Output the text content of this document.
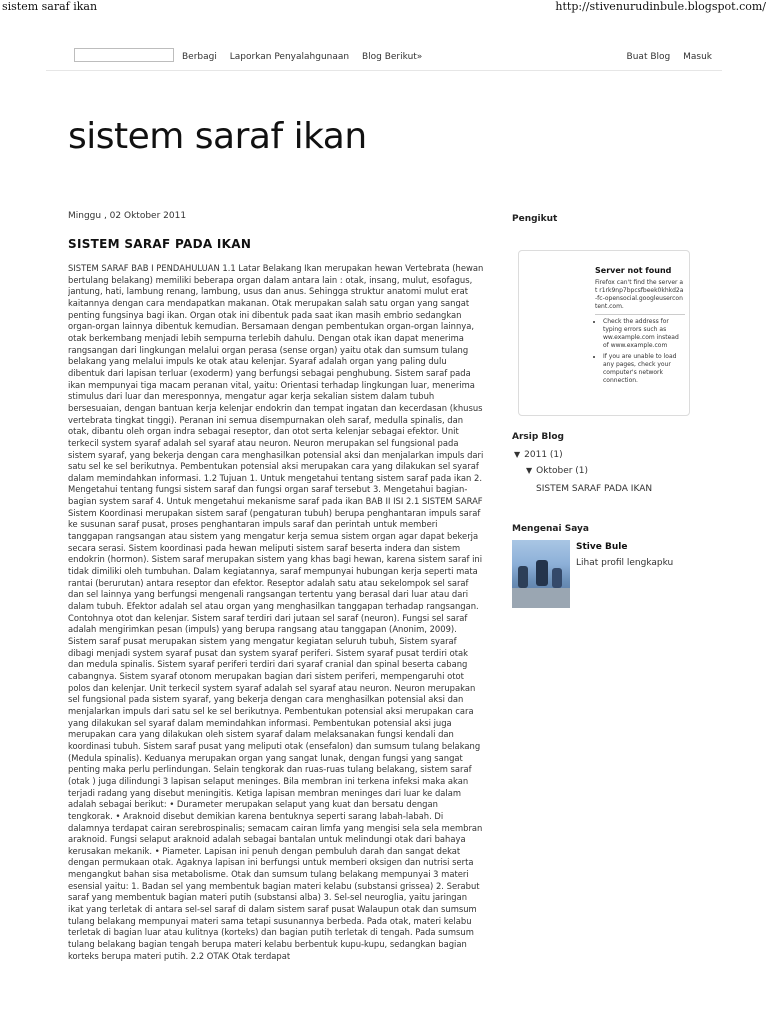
sistem saraf ikan	http://stivenurudinbule.blogspot.com/
Berbagi Laporkan Penyalahgunaan Blog Berikut»	Buat Blog Masuk
sistem saraf ikan
Minggu , 02 Oktober 2011
SISTEM SARAF PADA IKAN
SISTEM SARAF BAB I PENDAHULUAN 1.1 Latar Belakang Ikan merupakan hewan Vertebrata (hewan bertulang belakang) memiliki beberapa organ dalam antara lain : otak, insang, mulut, esofagus, jantung, hati, lambung renang, lambung, usus dan anus. Sehingga struktur anatomi mulut erat kaitannya dengan cara mendapatkan makanan. Otak merupakan salah satu organ yang sangat penting fungsinya bagi ikan. Organ otak ini dibentuk pada saat ikan masih embrio sedangkan organ-organ lainnya dibentuk kemudian. Bersamaan dengan pembentukan organ-organ lainnya, otak berkembang menjadi lebih sempurna terlebih dahulu. Dengan otak ikan dapat menerima rangsangan dari lingkungan melalui organ perasa (sense organ) yaitu otak dan sumsum tulang belakang yang melalui impuls ke otak atau kelenjar. Syaraf adalah organ yang paling dulu dibentuk dari lapisan terluar (exoderm) yang berfungsi sebagai penghubung. Sistem saraf pada ikan mempunyai tiga macam peranan vital, yaitu: Orientasi terhadap lingkungan luar, menerima stimulus dari luar dan meresponnya, mengatur agar kerja sekalian sistem dalam tubuh bersesuaian, dengan bantuan kerja kelenjar endokrin dan tempat ingatan dan kecerdasan (khusus vertebrata tingkat tinggi). Peranan ini semua disempurnakan oleh saraf, medulla spinalis, dan otak, dibantu oleh organ indra sebagai reseptor, dan otot serta kelenjar sebagai efektor. Unit terkecil system syaraf adalah sel syaraf atau neuron. Neuron merupakan sel fungsional pada sistem syaraf, yang bekerja dengan cara menghasilkan potensial aksi dan menjalarkan impuls dari satu sel ke sel berikutnya. Pembentukan potensial aksi merupakan cara yang dilakukan sel syaraf dalam memindahkan informasi. 1.2 Tujuan 1. Untuk mengetahui tentang sistem saraf pada ikan 2. Mengetahui tentang fungsi sistem saraf dan fungsi organ saraf tersebut 3. Mengetahui bagian-bagian system saraf 4. Untuk mengetahui mekanisme saraf pada ikan BAB II ISI 2.1 SISTEM SARAF Sistem Koordinasi merupakan sistem saraf (pengaturan tubuh) berupa penghantaran impuls saraf ke susunan saraf pusat, proses penghantaran impuls saraf dan perintah untuk memberi tanggapan rangsangan atau sistem yang mengatur kerja semua sistem organ agar dapat bekerja secara serasi. Sistem koordinasi pada hewan meliputi sistem saraf beserta indera dan sistem endokrin (hormon). Sistem saraf merupakan sistem yang khas bagi hewan, karena sistem saraf ini tidak dimiliki oleh tumbuhan. Dalam kegiatannya, saraf mempunyai hubungan kerja seperti mata rantai (berurutan) antara reseptor dan efektor. Reseptor adalah satu atau sekelompok sel saraf dan sel lainnya yang berfungsi mengenali rangsangan tertentu yang berasal dari luar atau dari dalam tubuh. Efektor adalah sel atau organ yang menghasilkan tanggapan terhadap rangsangan. Contohnya otot dan kelenjar. Sistem saraf terdiri dari jutaan sel saraf (neuron). Fungsi sel saraf adalah mengirimkan pesan (impuls) yang berupa rangsang atau tanggapan (Anonim, 2009). Sistem saraf pusat merupakan sistem yang mengatur kegiatan seluruh tubuh, Sistem syaraf dibagi menjadi system syaraf pusat dan system syaraf periferi. Sistem syaraf pusat terdiri otak dan medula spinalis. Sistem syaraf periferi terdiri dari syaraf cranial dan spinal beserta cabang cabangnya. Sistem syaraf otonom merupakan bagian dari sistem periferi, mempengaruhi otot polos dan kelenjar. Unit terkecil system syaraf adalah sel syaraf atau neuron. Neuron merupakan sel fungsional pada sistem syaraf, yang bekerja dengan cara menghasilkan potensial aksi dan menjalarkan impuls dari satu sel ke sel berikutnya. Pembentukan potensial aksi merupakan cara yang dilakukan sel syaraf dalam memindahkan informasi. Pembentukan potensial aksi juga merupakan cara yang dilakukan oleh sistem syaraf dalam melaksanakan fungsi kendali dan koordinasi tubuh. Sistem saraf pusat yang meliputi otak (ensefalon) dan sumsum tulang belakang (Medula spinalis). Keduanya merupakan organ yang sangat lunak, dengan fungsi yang sangat penting maka perlu perlindungan. Selain tengkorak dan ruas-ruas tulang belakang, sistem saraf (otak ) juga dilindungi 3 lapisan selaput meninges. Bila membran ini terkena infeksi maka akan terjadi radang yang disebut meningitis. Ketiga lapisan membran meninges dari luar ke dalam adalah sebagai berikut: • Durameter merupakan selaput yang kuat dan bersatu dengan tengkorak. • Araknoid disebut demikian karena bentuknya seperti sarang labah-labah. Di dalamnya terdapat cairan serebrospinalis; semacam cairan limfa yang mengisi sela sela membran araknoid. Fungsi selaput araknoid adalah sebagai bantalan untuk melindungi otak dari bahaya kerusakan mekanik. • Piameter. Lapisan ini penuh dengan pembuluh darah dan sangat dekat dengan permukaan otak. Agaknya lapisan ini berfungsi untuk memberi oksigen dan nutrisi serta mengangkut bahan sisa metabolisme. Otak dan sumsum tulang belakang mempunyai 3 materi esensial yaitu: 1. Badan sel yang membentuk bagian materi kelabu (substansi grissea) 2. Serabut saraf yang membentuk bagian materi putih (substansi alba) 3. Sel-sel neuroglia, yaitu jaringan ikat yang terletak di antara sel-sel saraf di dalam sistem saraf pusat Walaupun otak dan sumsum tulang belakang mempunyai materi sama tetapi susunannya berbeda. Pada otak, materi kelabu terletak di bagian luar atau kulitnya (korteks) dan bagian putih terletak di tengah. Pada sumsum tulang belakang bagian tengah berupa materi kelabu berbentuk kupu-kupu, sedangkan bagian korteks berupa materi putih. 2.2 OTAK Otak terdapat
Pengikut
Server not found
Firefox can't find the server at r1rk9np7bpcsfbeek0khkd2a-fc-opensocial.googleusercontent.com.
• Check the address for typing errors such as ww.example.com instead of www.example.com
• If you are unable to load any pages, check your computer's network connection.
Arsip Blog
▼ 2011 (1)
▼ Oktober (1)
SISTEM SARAF PADA IKAN
Mengenai Saya
Stive Bule
Lihat profil lengkapku
